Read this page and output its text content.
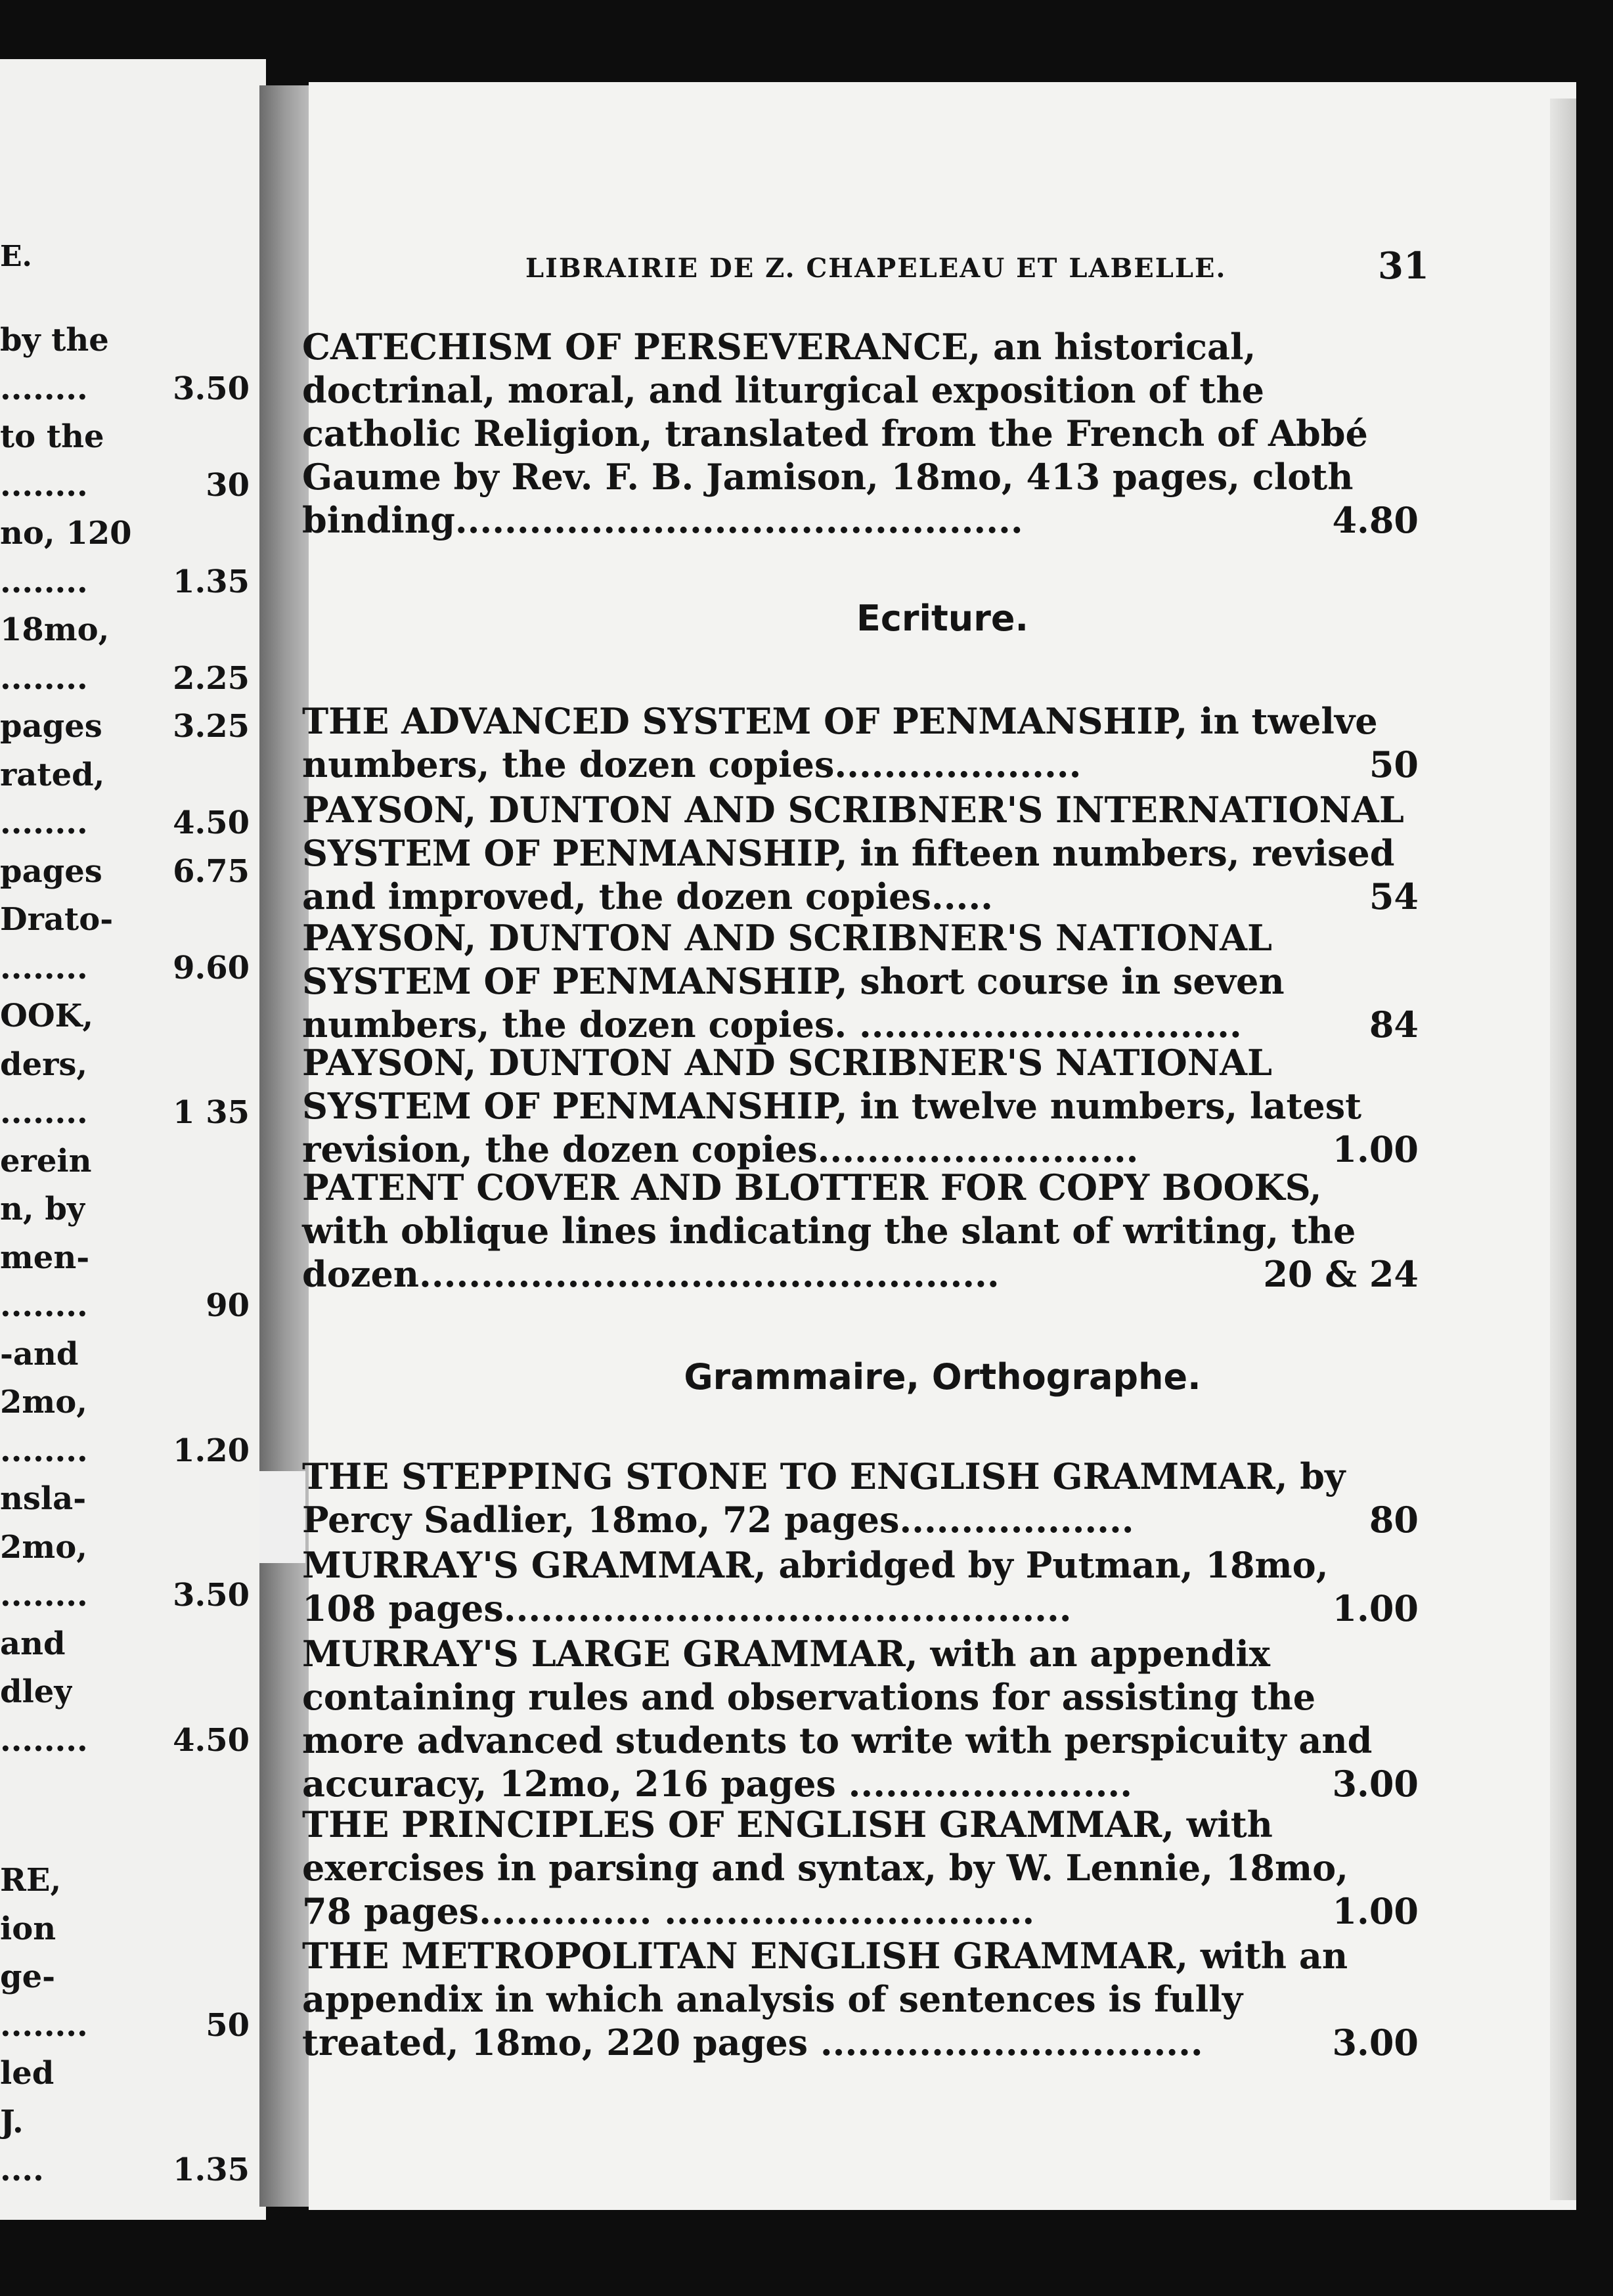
E.
by the
........	3.50
to the
........	30
no, 120
........	1.35
18mo,
........	2.25
pages 3.25
rated,
........	4.50
pages 6.75
Drato-
........	9.60
OOK,
ders,
........	1 35
erein
n, by
men-
........	90
-and
2mo,
........	1.20
nsla-
2mo,
........	3.50
and
dley
........	4.50
RE,
ion
ge-
........	50
led
J.
....	1.35
LIBRAIRIE DE Z. CHAPELEAU ET LABELLE.	31
CATECHISM OF PERSEVERANCE, an historical, doctrinal, moral, and liturgical exposition of the catholic Religion, translated from the French of Abbé Gaume by Rev. F. B. Jamison, 18mo, 413 pages, cloth binding..............................................	4.80
Ecriture.
THE ADVANCED SYSTEM OF PENMANSHIP, in twelve numbers, the dozen copies....................	50
PAYSON, DUNTON AND SCRIBNER'S INTERNATIONAL SYSTEM OF PENMANSHIP, in fifteen numbers, revised and improved, the dozen copies.....	54
PAYSON, DUNTON AND SCRIBNER'S NATIONAL SYSTEM OF PENMANSHIP, short course in seven numbers, the dozen copies. ...............................	84
PAYSON, DUNTON AND SCRIBNER'S NATIONAL SYSTEM OF PENMANSHIP, in twelve numbers, latest revision, the dozen copies..........................	1.00
PATENT COVER AND BLOTTER FOR COPY BOOKS, with oblique lines indicating the slant of writing, the dozen...............................................	20 & 24
Grammaire, Orthographe.
THE STEPPING STONE TO ENGLISH GRAMMAR, by Percy Sadlier, 18mo, 72 pages...................	80
MURRAY'S GRAMMAR, abridged by Putman, 18mo, 108 pages..............................................	1.00
MURRAY'S LARGE GRAMMAR, with an appendix containing rules and observations for assisting the more advanced students to write with perspicuity and accuracy, 12mo, 216 pages .......................	3.00
THE PRINCIPLES OF ENGLISH GRAMMAR, with exercises in parsing and syntax, by W. Lennie, 18mo, 78 pages.............. ..............................	1.00
THE METROPOLITAN ENGLISH GRAMMAR, with an appendix in which analysis of sentences is fully treated, 18mo, 220 pages ...............................	3.00
